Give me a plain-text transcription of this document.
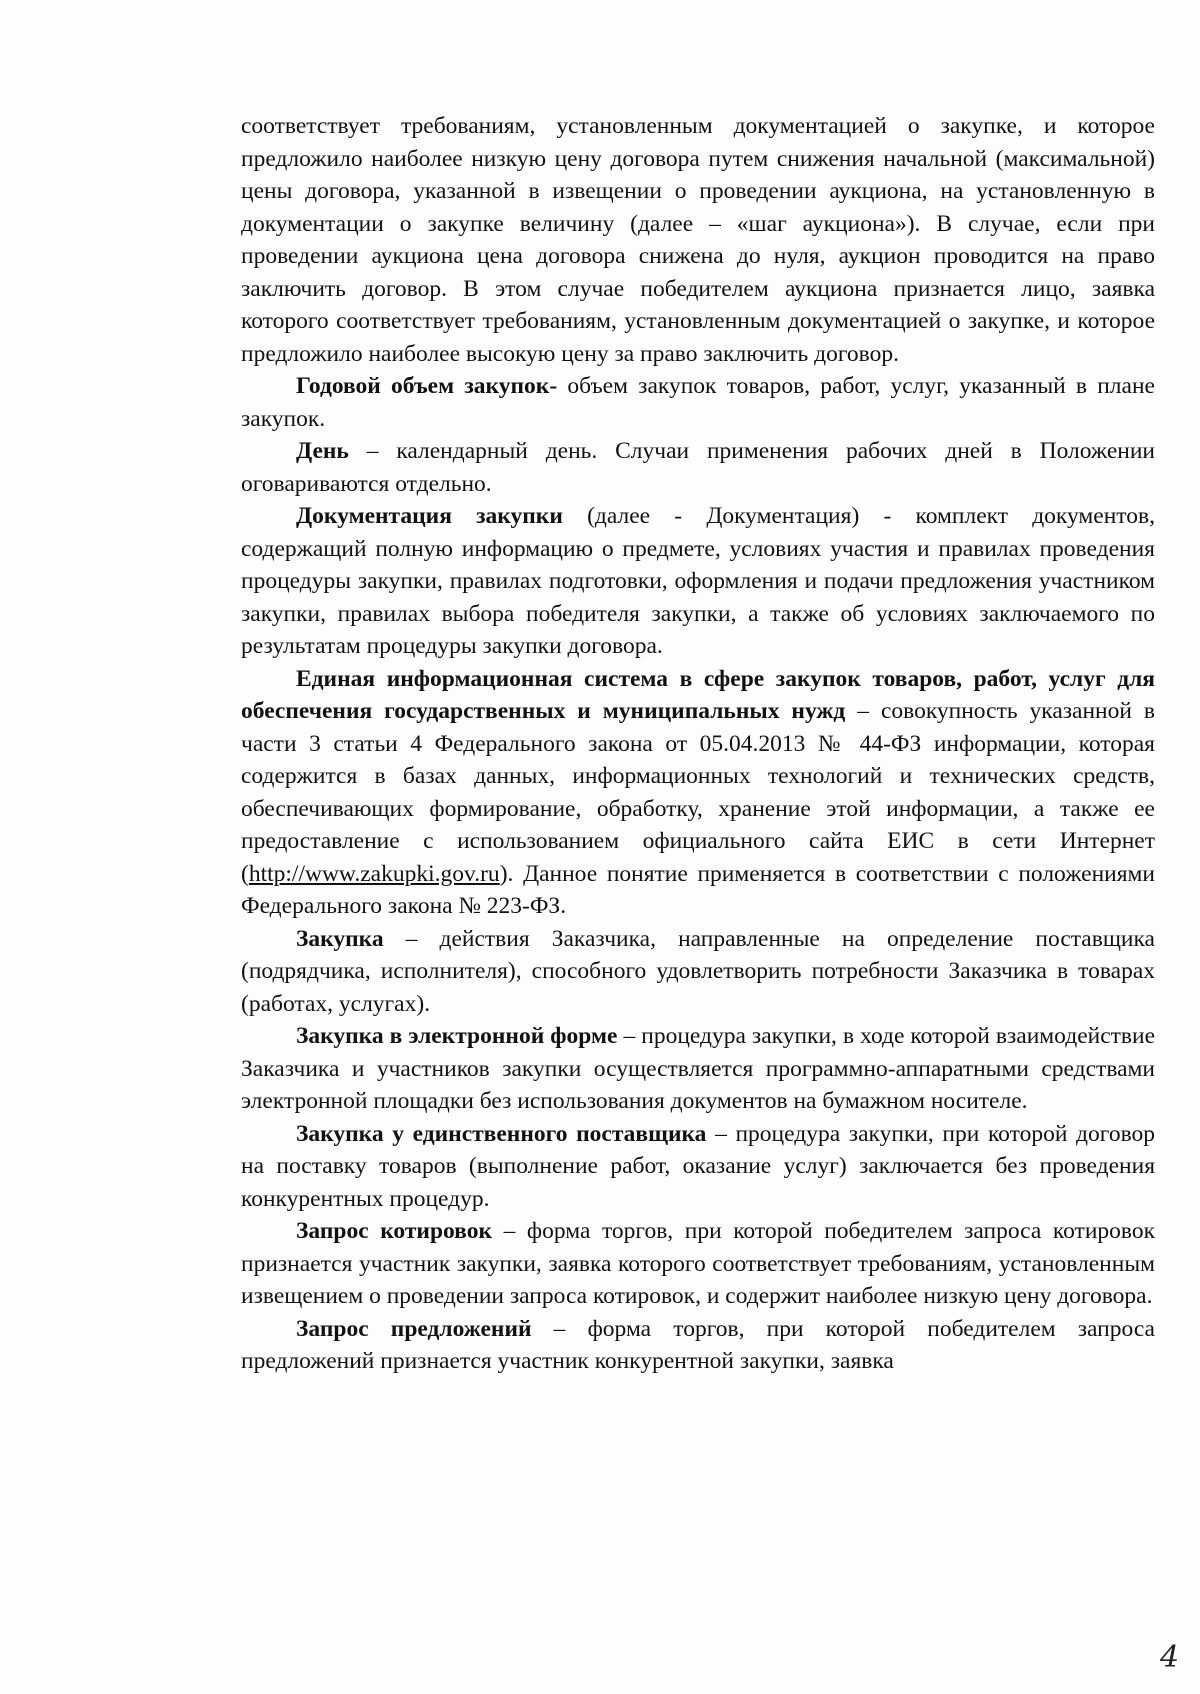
соответствует требованиям, установленным документацией о закупке, и которое предложило наиболее низкую цену договора путем снижения начальной (максимальной) цены договора, указанной в извещении о проведении аукциона, на установленную в документации о закупке величину (далее – «шаг аукциона»). В случае, если при проведении аукциона цена договора снижена до нуля, аукцион проводится на право заключить договор. В этом случае победителем аукциона признается лицо, заявка которого соответствует требованиям, установленным документацией о закупке, и которое предложило наиболее высокую цену за право заключить договор.

Годовой объем закупок- объем закупок товаров, работ, услуг, указанный в плане закупок.

День – календарный день. Случаи применения рабочих дней в Положении оговариваются отдельно.

Документация закупки (далее - Документация) - комплект документов, содержащий полную информацию о предмете, условиях участия и правилах проведения процедуры закупки, правилах подготовки, оформления и подачи предложения участником закупки, правилах выбора победителя закупки, а также об условиях заключаемого по результатам процедуры закупки договора.

Единая информационная система в сфере закупок товаров, работ, услуг для обеспечения государственных и муниципальных нужд – совокупность указанной в части 3 статьи 4 Федерального закона от 05.04.2013 № 44-ФЗ информации, которая содержится в базах данных, информационных технологий и технических средств, обеспечивающих формирование, обработку, хранение этой информации, а также ее предоставление с использованием официального сайта ЕИС в сети Интернет (http://www.zakupki.gov.ru). Данное понятие применяется в соответствии с положениями Федерального закона № 223-ФЗ.

Закупка – действия Заказчика, направленные на определение поставщика (подрядчика, исполнителя), способного удовлетворить потребности Заказчика в товарах (работах, услугах).

Закупка в электронной форме – процедура закупки, в ходе которой взаимодействие Заказчика и участников закупки осуществляется программно-аппаратными средствами электронной площадки без использования документов на бумажном носителе.

Закупка у единственного поставщика – процедура закупки, при которой договор на поставку товаров (выполнение работ, оказание услуг) заключается без проведения конкурентных процедур.

Запрос котировок – форма торгов, при которой победителем запроса котировок признается участник закупки, заявка которого соответствует требованиям, установленным извещением о проведении запроса котировок, и содержит наиболее низкую цену договора.

Запрос предложений – форма торгов, при которой победителем запроса предложений признается участник конкурентной закупки, заявка

4
